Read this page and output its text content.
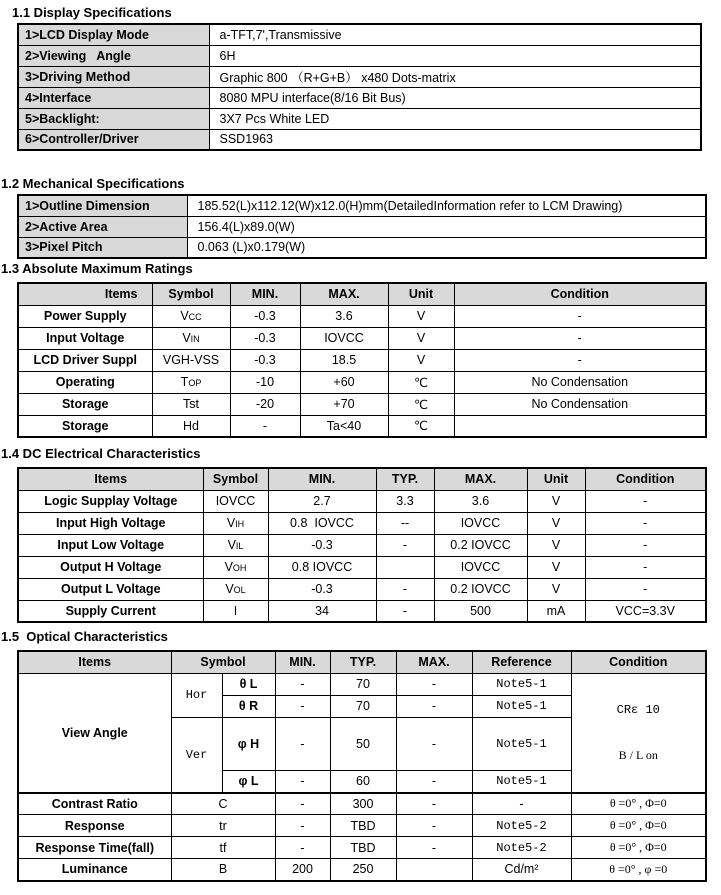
1.1 Display Specifications
1>LCD Display Mode	a-TFT,7',Transmissive
2>Viewing   Angle	6H
3>Driving Method	Graphic 800 （R+G+B） x480 Dots-matrix
4>Interface	8080 MPU interface(8/16 Bit Bus)
5>Backlight:	3X7 Pcs White LED
6>Controller/Driver	SSD1963
1.2 Mechanical Specifications
1>Outline Dimension	185.52(L)x112.12(W)x12.0(H)mm(DetailedInformation refer to LCM Drawing)
2>Active Area	156.4(L)x89.0(W)
3>Pixel Pitch	0.063 (L)x0.179(W)
1.3 Absolute Maximum Ratings
Items	Symbol	MIN.	MAX.	Unit	Condition
Power Supply	VCC	-0.3	3.6	V	-
Input Voltage	VIN	-0.3	IOVCC	V	-
LCD Driver Suppl	VGH-VSS	-0.3	18.5	V	-
Operating	TOP	-10	+60	℃	No Condensation
Storage	Tst	-20	+70	℃	No Condensation
Storage	Hd	-	Ta<40	℃	
1.4 DC Electrical Characteristics
Items	Symbol	MIN.	TYP.	MAX.	Unit	Condition
Logic Supplay Voltage	IOVCC	2.7	3.3	3.6	V	-
Input High Voltage	VIH	0.8  IOVCC	--	IOVCC	V	-
Input Low Voltage	VIL	-0.3	-	0.2 IOVCC	V	-
Output H Voltage	VOH	0.8 IOVCC		IOVCC	V	-
Output L Voltage	VOL	-0.3	-	0.2 IOVCC	V	-
Supply Current	I	34	-	500	mA	VCC=3.3V
1.5  Optical Characteristics
Items	Symbol		MIN.	TYP.	MAX.	Reference	Condition
View Angle	Hor	θ L	-	70	-	Note5-1	CRε 10

B / L on

		θ R	-	70	-	Note5-1	
	Ver	φ H	-	50	-	Note5-1	
		φ L	-	60	-	Note5-1	
Contrast Ratio	C		-	300	-	-	θ =0° , Φ=0
Response	tr		-	TBD	-	Note5-2	θ =0° , Φ=0
Response Time(fall)	tf		-	TBD	-	Note5-2	θ =0° , Φ=0
Luminance	B		200	250		Cd/m²	θ =0° , φ =0
